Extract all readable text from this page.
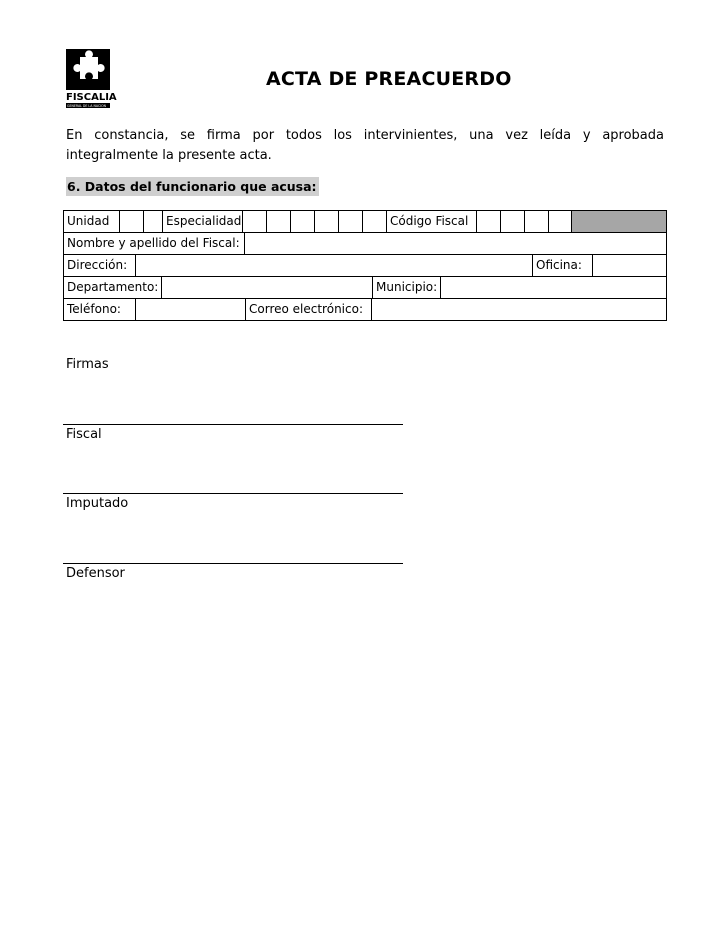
FISCALIA
GENERAL DE LA NACION
ACTA DE PREACUERDO
En constancia, se firma por todos los intervinientes, una vez leída y aprobada integralmente la presente acta.
6. Datos del funcionario que acusa:
Unidad	Especialidad	Código Fiscal
Nombre y apellido del Fiscal:
Dirección:	Oficina:
Departamento:	Municipio:
Teléfono:	Correo electrónico:
Firmas
Fiscal
Imputado
Defensor
